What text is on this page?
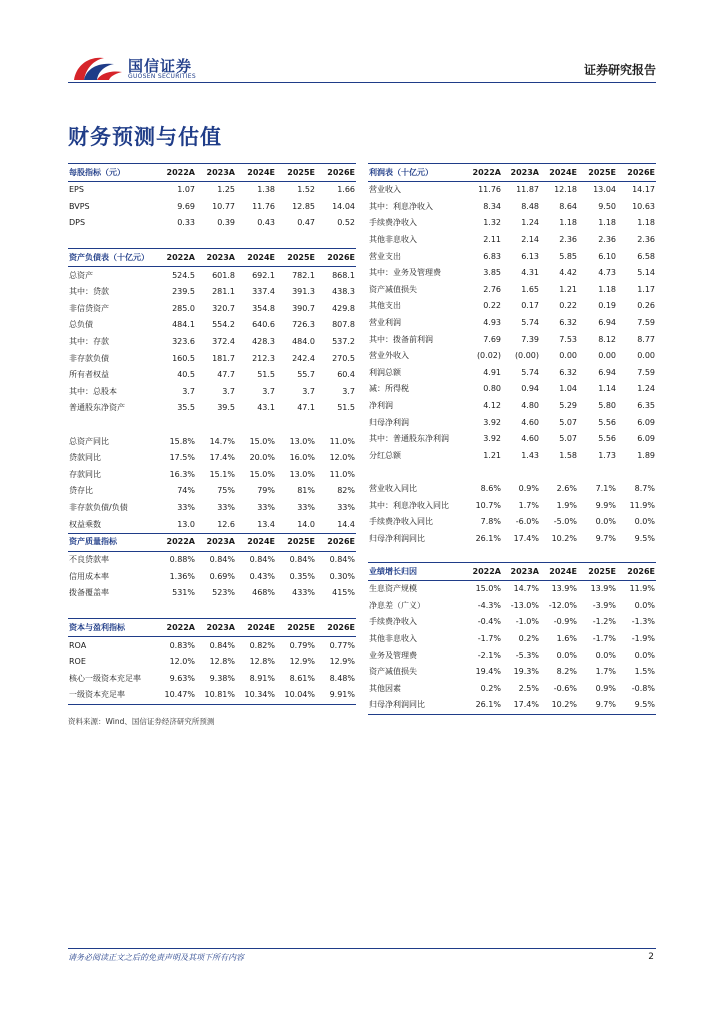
国信证券
GUOSEN SECURITIES	证券研究报告
财务预测与估值
每股指标（元）	2022A	2023A	2024E	2025E	2026E
EPS	1.07	1.25	1.38	1.52	1.66
BVPS	9.69	10.77	11.76	12.85	14.04
DPS	0.33	0.39	0.43	0.47	0.52

资产负债表（十亿元）	2022A	2023A	2024E	2025E	2026E
总资产	524.5	601.8	692.1	782.1	868.1
其中：贷款	239.5	281.1	337.4	391.3	438.3
非信贷资产	285.0	320.7	354.8	390.7	429.8
总负债	484.1	554.2	640.6	726.3	807.8
其中：存款	323.6	372.4	428.3	484.0	537.2
非存款负债	160.5	181.7	212.3	242.4	270.5
所有者权益	40.5	47.7	51.5	55.7	60.4
其中：总股本	3.7	3.7	3.7	3.7	3.7
普通股东净资产	35.5	39.5	43.1	47.1	51.5

总资产同比	15.8%	14.7%	15.0%	13.0%	11.0%
贷款同比	17.5%	17.4%	20.0%	16.0%	12.0%
存款同比	16.3%	15.1%	15.0%	13.0%	11.0%
贷存比	74%	75%	79%	81%	82%
非存款负债/负债	33%	33%	33%	33%	33%
权益乘数	13.0	12.6	13.4	14.0	14.4
资产质量指标	2022A	2023A	2024E	2025E	2026E
不良贷款率	0.88%	0.84%	0.84%	0.84%	0.84%
信用成本率	1.36%	0.69%	0.43%	0.35%	0.30%
拨备覆盖率	531%	523%	468%	433%	415%

资本与盈利指标	2022A	2023A	2024E	2025E	2026E
ROA	0.83%	0.84%	0.82%	0.79%	0.77%
ROE	12.0%	12.8%	12.8%	12.9%	12.9%
核心一级资本充足率	9.63%	9.38%	8.91%	8.61%	8.48%
一级资本充足率	10.47%	10.81%	10.34%	10.04%	9.91%
利润表（十亿元）	2022A	2023A	2024E	2025E	2026E
营业收入	11.76	11.87	12.18	13.04	14.17
其中：利息净收入	8.34	8.48	8.64	9.50	10.63
手续费净收入	1.32	1.24	1.18	1.18	1.18
其他非息收入	2.11	2.14	2.36	2.36	2.36
营业支出	6.83	6.13	5.85	6.10	6.58
其中：业务及管理费	3.85	4.31	4.42	4.73	5.14
资产减值损失	2.76	1.65	1.21	1.18	1.17
其他支出	0.22	0.17	0.22	0.19	0.26
营业利润	4.93	5.74	6.32	6.94	7.59
其中：拨备前利润	7.69	7.39	7.53	8.12	8.77
营业外收入	(0.02)	(0.00)	0.00	0.00	0.00
利润总额	4.91	5.74	6.32	6.94	7.59
减：所得税	0.80	0.94	1.04	1.14	1.24
净利润	4.12	4.80	5.29	5.80	6.35
归母净利润	3.92	4.60	5.07	5.56	6.09
其中：普通股东净利润	3.92	4.60	5.07	5.56	6.09
分红总额	1.21	1.43	1.58	1.73	1.89

营业收入同比	8.6%	0.9%	2.6%	7.1%	8.7%
其中：利息净收入同比	10.7%	1.7%	1.9%	9.9%	11.9%
手续费净收入同比	7.8%	-6.0%	-5.0%	0.0%	0.0%
归母净利润同比	26.1%	17.4%	10.2%	9.7%	9.5%
业绩增长归因	2022A	2023A	2024E	2025E	2026E
生息资产规模	15.0%	14.7%	13.9%	13.9%	11.9%
净息差（广义）	-4.3%	-13.0%	-12.0%	-3.9%	0.0%
手续费净收入	-0.4%	-1.0%	-0.9%	-1.2%	-1.3%
其他非息收入	-1.7%	0.2%	1.6%	-1.7%	-1.9%
业务及管理费	-2.1%	-5.3%	0.0%	0.0%	0.0%
资产减值损失	19.4%	19.3%	8.2%	1.7%	1.5%
其他因素	0.2%	2.5%	-0.6%	0.9%	-0.8%
归母净利润同比	26.1%	17.4%	10.2%	9.7%	9.5%
资料来源：Wind、国信证券经济研究所预测
请务必阅读正文之后的免责声明及其项下所有内容	2
